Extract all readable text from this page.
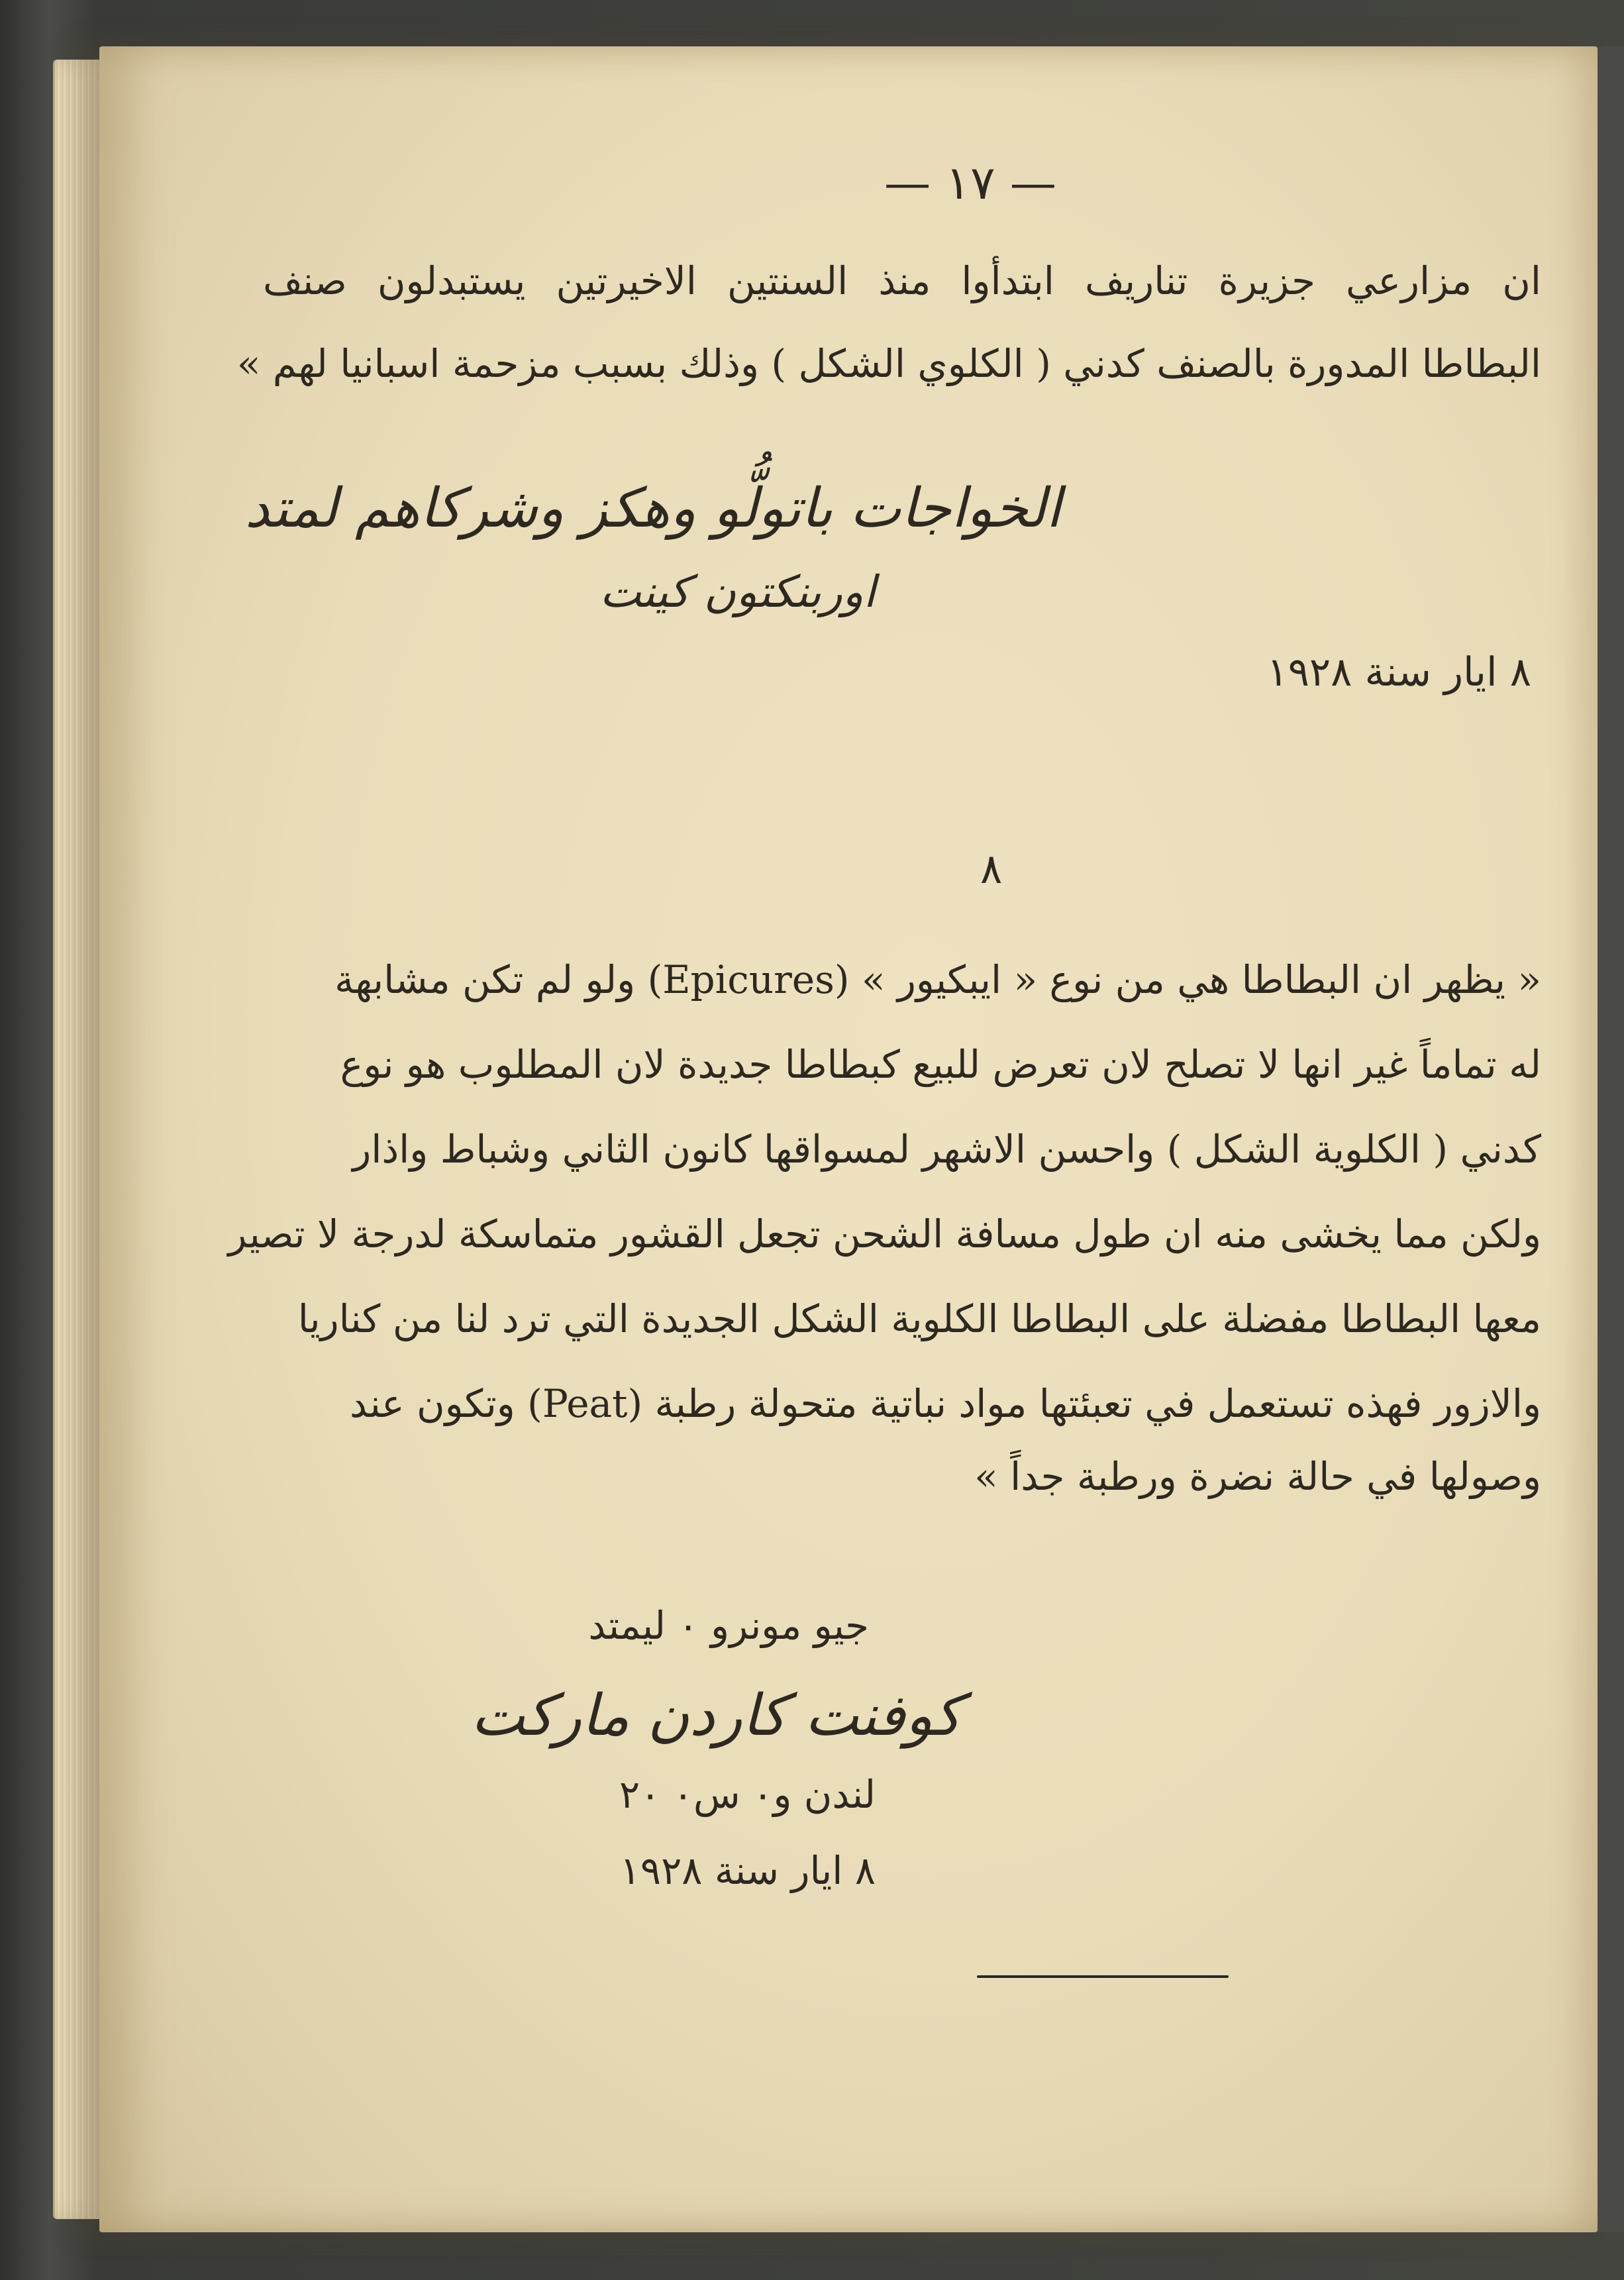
— ١٧ —
ان مزارعي جزيرة تناريف ابتدأوا منذ السنتين الاخيرتين يستبدلون صنف
البطاطا المدورة بالصنف كدني ( الكلوي الشكل ) وذلك بسبب مزحمة اسبانيا لهم »
الخواجات باتولُّو وهكز وشركاهم لمتد
اوربنكتون كينت
٨ ايار سنة ١٩٢٨
٨
« يظهر ان البطاطا هي من نوع « ايبكيور » (Epicures) ولو لم تكن مشابهة
له تماماً غير انها لا تصلح لان تعرض للبيع كبطاطا جديدة لان المطلوب هو نوع
كدني ( الكلوية الشكل ) واحسن الاشهر لمسواقها كانون الثاني وشباط واذار
ولكن مما يخشى منه ان طول مسافة الشحن تجعل القشور متماسكة لدرجة لا تصير
معها البطاطا مفضلة على البطاطا الكلوية الشكل الجديدة التي ترد لنا من كناريا
والازور فهذه تستعمل في تعبئتها مواد نباتية متحولة رطبة (Peat) وتكون عند
وصولها في حالة نضرة ورطبة جداً »
جيو مونرو ٠ ليمتد
كوفنت كاردن ماركت
لندن و٠ س٠ ٢٠
٨ ايار سنة ١٩٢٨
